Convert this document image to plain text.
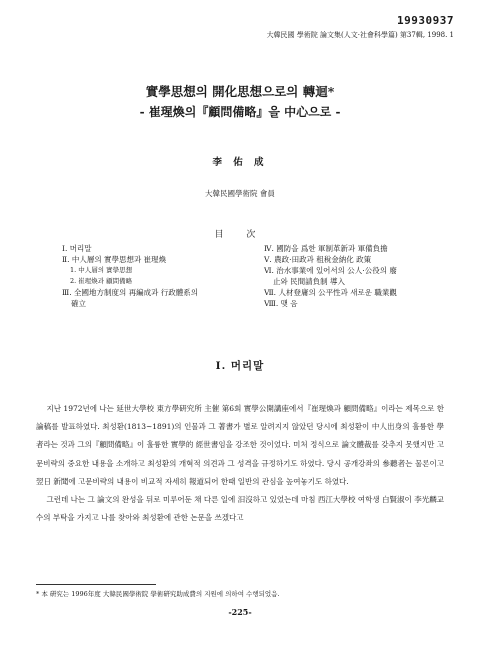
19930937
大韓民國 學術院 論文集(人文·社會科學篇) 第37輯, 1998. 1
實學思想의 開化思想으로의 轉迴*
- 崔瑆煥의『顧問備略』을 中心으로 -
李 佑 成
大韓民國學術院 會員
目 次
Ⅰ. 머리말
Ⅱ. 中人層의 實學思想과 崔瑆煥
1. 中人層의 實學思想
2. 崔瑆煥과 顧問備略
Ⅲ. 全國地方制度의 再編成과 行政體系의
確立
Ⅳ. 國防을 爲한 軍制革新과 軍備負擔
Ⅴ. 農政·田政과 租稅金納化 政策
Ⅵ. 治水事業에 있어서의 公人·公役의 廢
止와 民間請負制 導入
Ⅶ. 人材登庸의 公平性과 새로운 職業觀
Ⅷ. 맺 음
Ⅰ. 머리말

지난 1972년에 나는 延世大學校 東方學硏究所 主催 第6회 實學公開講座에서『崔瑆煥과 顧問備略』이라는 제목으로 한 論稿를 발표하였다. 최성환(1813~1891)의 인물과 그 著書가 별로 알려지지 않았던 당시에 최성환이 中人出身의 훌륭한 學者라는 것과 그의『顧問備略』이 훌륭한 實學的 經世書임을 강조한 것이었다. 미처 정식으로 論文體裁를 갖추지 못했지만 고문비략의 중요한 내용을 소개하고 최성환의 개혁적 의견과 그 성격을 규정하기도 하였다. 당시 공개강좌의 參聽者는 물론이고 翌日 新聞에 고문비략의 내용이 비교적 자세히 報道되어 한때 일반의 관심을 높여놓기도 하였다.

그런데 나는 그 論文의 완성을 뒤로 미루어둔 채 다른 일에 汨沒하고 있었는데 마침 西江大學校 여학생 白賢淑이 李光麟교수의 부탁을 가지고 나를 찾아와 최성환에 관한 논문을 쓰겠다고

* 本 硏究는 1996年度 大韓民國學術院 學術硏究助成費의 지원에 의하여 수행되었음.
-225-
